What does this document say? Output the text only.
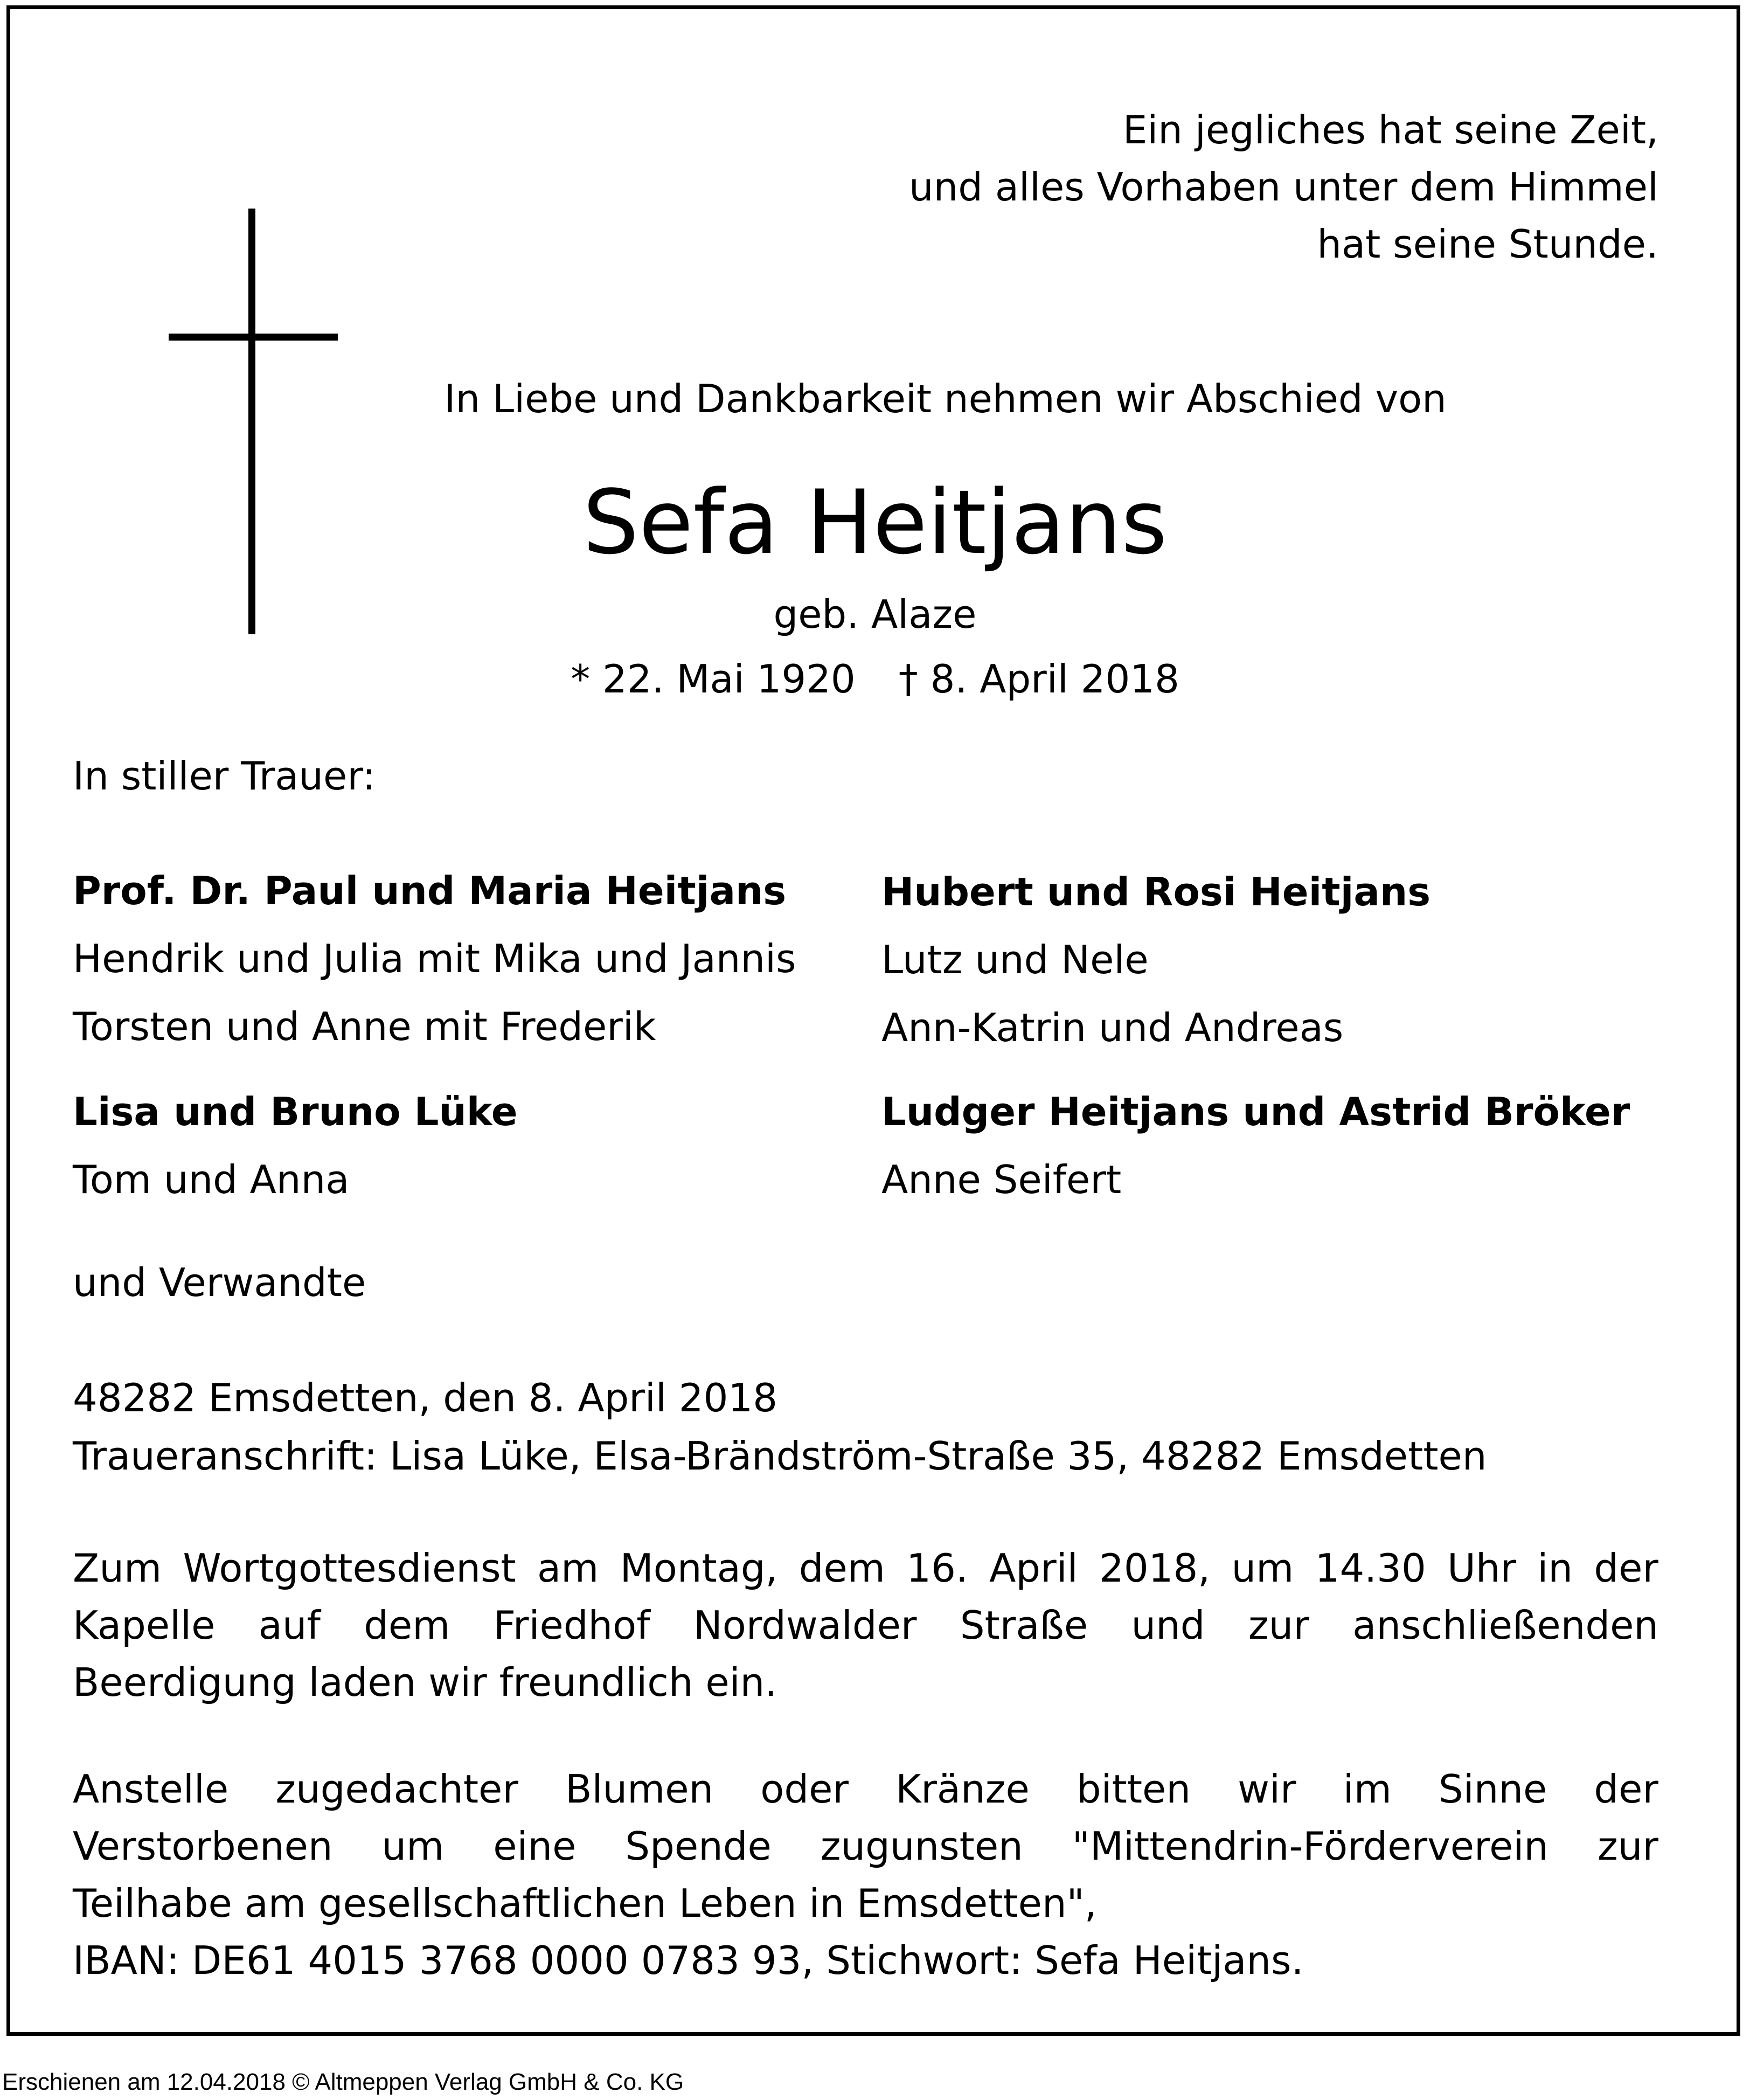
Ein jegliches hat seine Zeit,
und alles Vorhaben unter dem Himmel
hat seine Stunde.
In Liebe und Dankbarkeit nehmen wir Abschied von
Sefa Heitjans
geb. Alaze
* 22. Mai 1920 † 8. April 2018
In stiller Trauer:
Prof. Dr. Paul und Maria Heitjans
Hendrik und Julia mit Mika und Jannis
Torsten und Anne mit Frederik
Hubert und Rosi Heitjans
Lutz und Nele
Ann-Katrin und Andreas
Lisa und Bruno Lüke
Tom und Anna
Ludger Heitjans und Astrid Bröker
Anne Seifert
und Verwandte
48282 Emsdetten, den 8. April 2018
Traueranschrift: Lisa Lüke, Elsa-Brändström-Straße 35, 48282 Emsdetten
Zum Wortgottesdienst am Montag, dem 16. April 2018, um 14.30 Uhr in der
Kapelle auf dem Friedhof Nordwalder Straße und zur anschließenden
Beerdigung laden wir freundlich ein.
Anstelle zugedachter Blumen oder Kränze bitten wir im Sinne der
Verstorbenen um eine Spende zugunsten "Mittendrin-Förderverein zur
Teilhabe am gesellschaftlichen Leben in Emsdetten",
IBAN: DE61 4015 3768 0000 0783 93, Stichwort: Sefa Heitjans.
Erschienen am 12.04.2018 © Altmeppen Verlag GmbH & Co. KG
